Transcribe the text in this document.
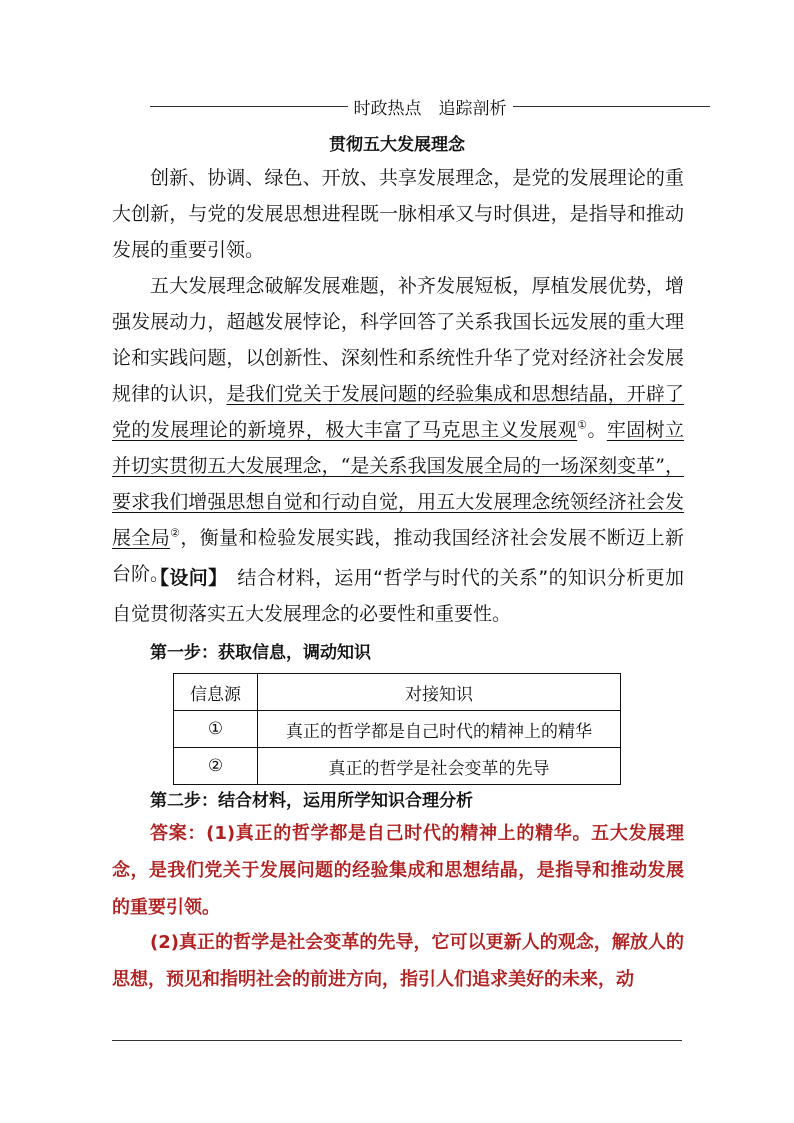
时政热点　追踪剖析
贯彻五大发展理念

创新、协调、绿色、开放、共享发展理念，是党的发展理论的重大创新，与党的发展思想进程既一脉相承又与时俱进，是指导和推动发展的重要引领。

五大发展理念破解发展难题，补齐发展短板，厚植发展优势，增强发展动力，超越发展悖论，科学回答了关系我国长远发展的重大理论和实践问题，以创新性、深刻性和系统性升华了党对经济社会发展规律的认识，是我们党关于发展问题的经验集成和思想结晶，开辟了党的发展理论的新境界，极大丰富了马克思主义发展观①。牢固树立并切实贯彻五大发展理念，“是关系我国发展全局的一场深刻变革”，要求我们增强思想自觉和行动自觉，用五大发展理念统领经济社会发展全局②，衡量和检验发展实践，推动我国经济社会发展不断迈上新台阶。

【设问】　结合材料，运用“哲学与时代的关系”的知识分析更加自觉贯彻落实五大发展理念的必要性和重要性。

第一步：获取信息，调动知识
信息源	对接知识
①	真正的哲学都是自己时代的精神上的精华
②	真正的哲学是社会变革的先导
第二步：结合材料，运用所学知识合理分析

答案：(1)真正的哲学都是自己时代的精神上的精华。五大发展理念，是我们党关于发展问题的经验集成和思想结晶，是指导和推动发展的重要引领。

(2)真正的哲学是社会变革的先导，它可以更新人的观念，解放人的思想，预见和指明社会的前进方向，指引人们追求美好的未来，动
